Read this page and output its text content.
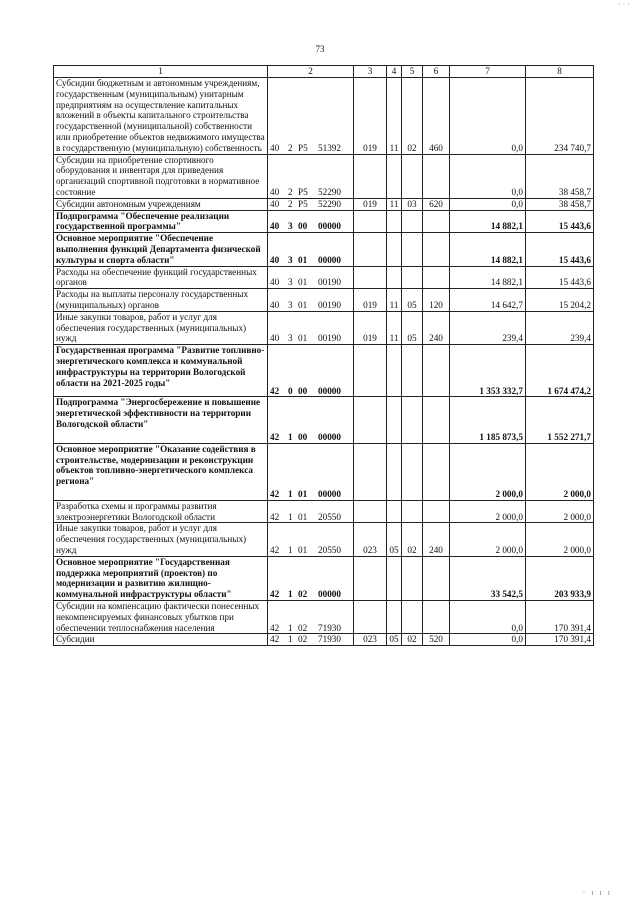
· · ·
73
1	2	3	4	5	6	7	8
Субсидии бюджетным и автономным учреждениям, государственным (муниципальным) унитарным предприятиям на осуществление капитальных вложений в объекты капитального строительства государственной (муниципальной) собственности или приобретение объектов недвижимого имущества в государственную (муниципальную) собственность	40 2 Р5 51392	019	11	02	460	0,0	234 740,7
Субсидии на приобретение спортивного оборудования и инвентаря для приведения организаций спортивной подготовки в нормативное состояние	40 2 Р5 52290					0,0	38 458,7
Субсидии автономным учреждениям	40 2 Р5 52290	019	11	03	620	0,0	38 458,7
Подпрограмма "Обеспечение реализации государственной программы"	40 3 00 00000					14 882,1	15 443,6
Основное мероприятие "Обеспечение выполнения функций Департамента физической культуры и спорта области"	40 3 01 00000					14 882,1	15 443,6
Расходы на обеспечение функций государственных органов	40 3 01 00190					14 882,1	15 443,6
Расходы на выплаты персоналу государственных (муниципальных) органов	40 3 01 00190	019	11	05	120	14 642,7	15 204,2
Иные закупки товаров, работ и услуг для обеспечения государственных (муниципальных) нужд	40 3 01 00190	019	11	05	240	239,4	239,4
Государственная программа "Развитие топливно-энергетического комплекса и коммунальной инфраструктуры на территории Вологодской области на 2021-2025 годы"	42 0 00 00000					1 353 332,7	1 674 474,2
Подпрограмма "Энергосбережение и повышение энергетической эффективности на территории Вологодской области"	42 1 00 00000					1 185 873,5	1 552 271,7
Основное мероприятие "Оказание содействия в строительстве, модернизации и реконструкции объектов топливно-энергетического комплекса региона"	42 1 01 00000					2 000,0	2 000,0
Разработка схемы и программы развития электроэнергетики Вологодской области	42 1 01 20550					2 000,0	2 000,0
Иные закупки товаров, работ и услуг для обеспечения государственных (муниципальных) нужд	42 1 01 20550	023	05	02	240	2 000,0	2 000,0
Основное мероприятие "Государственная поддержка мероприятий (проектов) по модернизации и развитию жилищно-коммунальной инфраструктуры области"	42 1 02 00000					33 542,5	203 933,9
Субсидии на компенсацию фактически понесенных некомпенсируемых финансовых убытков при обеспечении теплоснабжения населения	42 1 02 71930					0,0	170 391,4
Субсидии	42 1 02 71930	023	05	02	520	0,0	170 391,4
· ı ı ı
